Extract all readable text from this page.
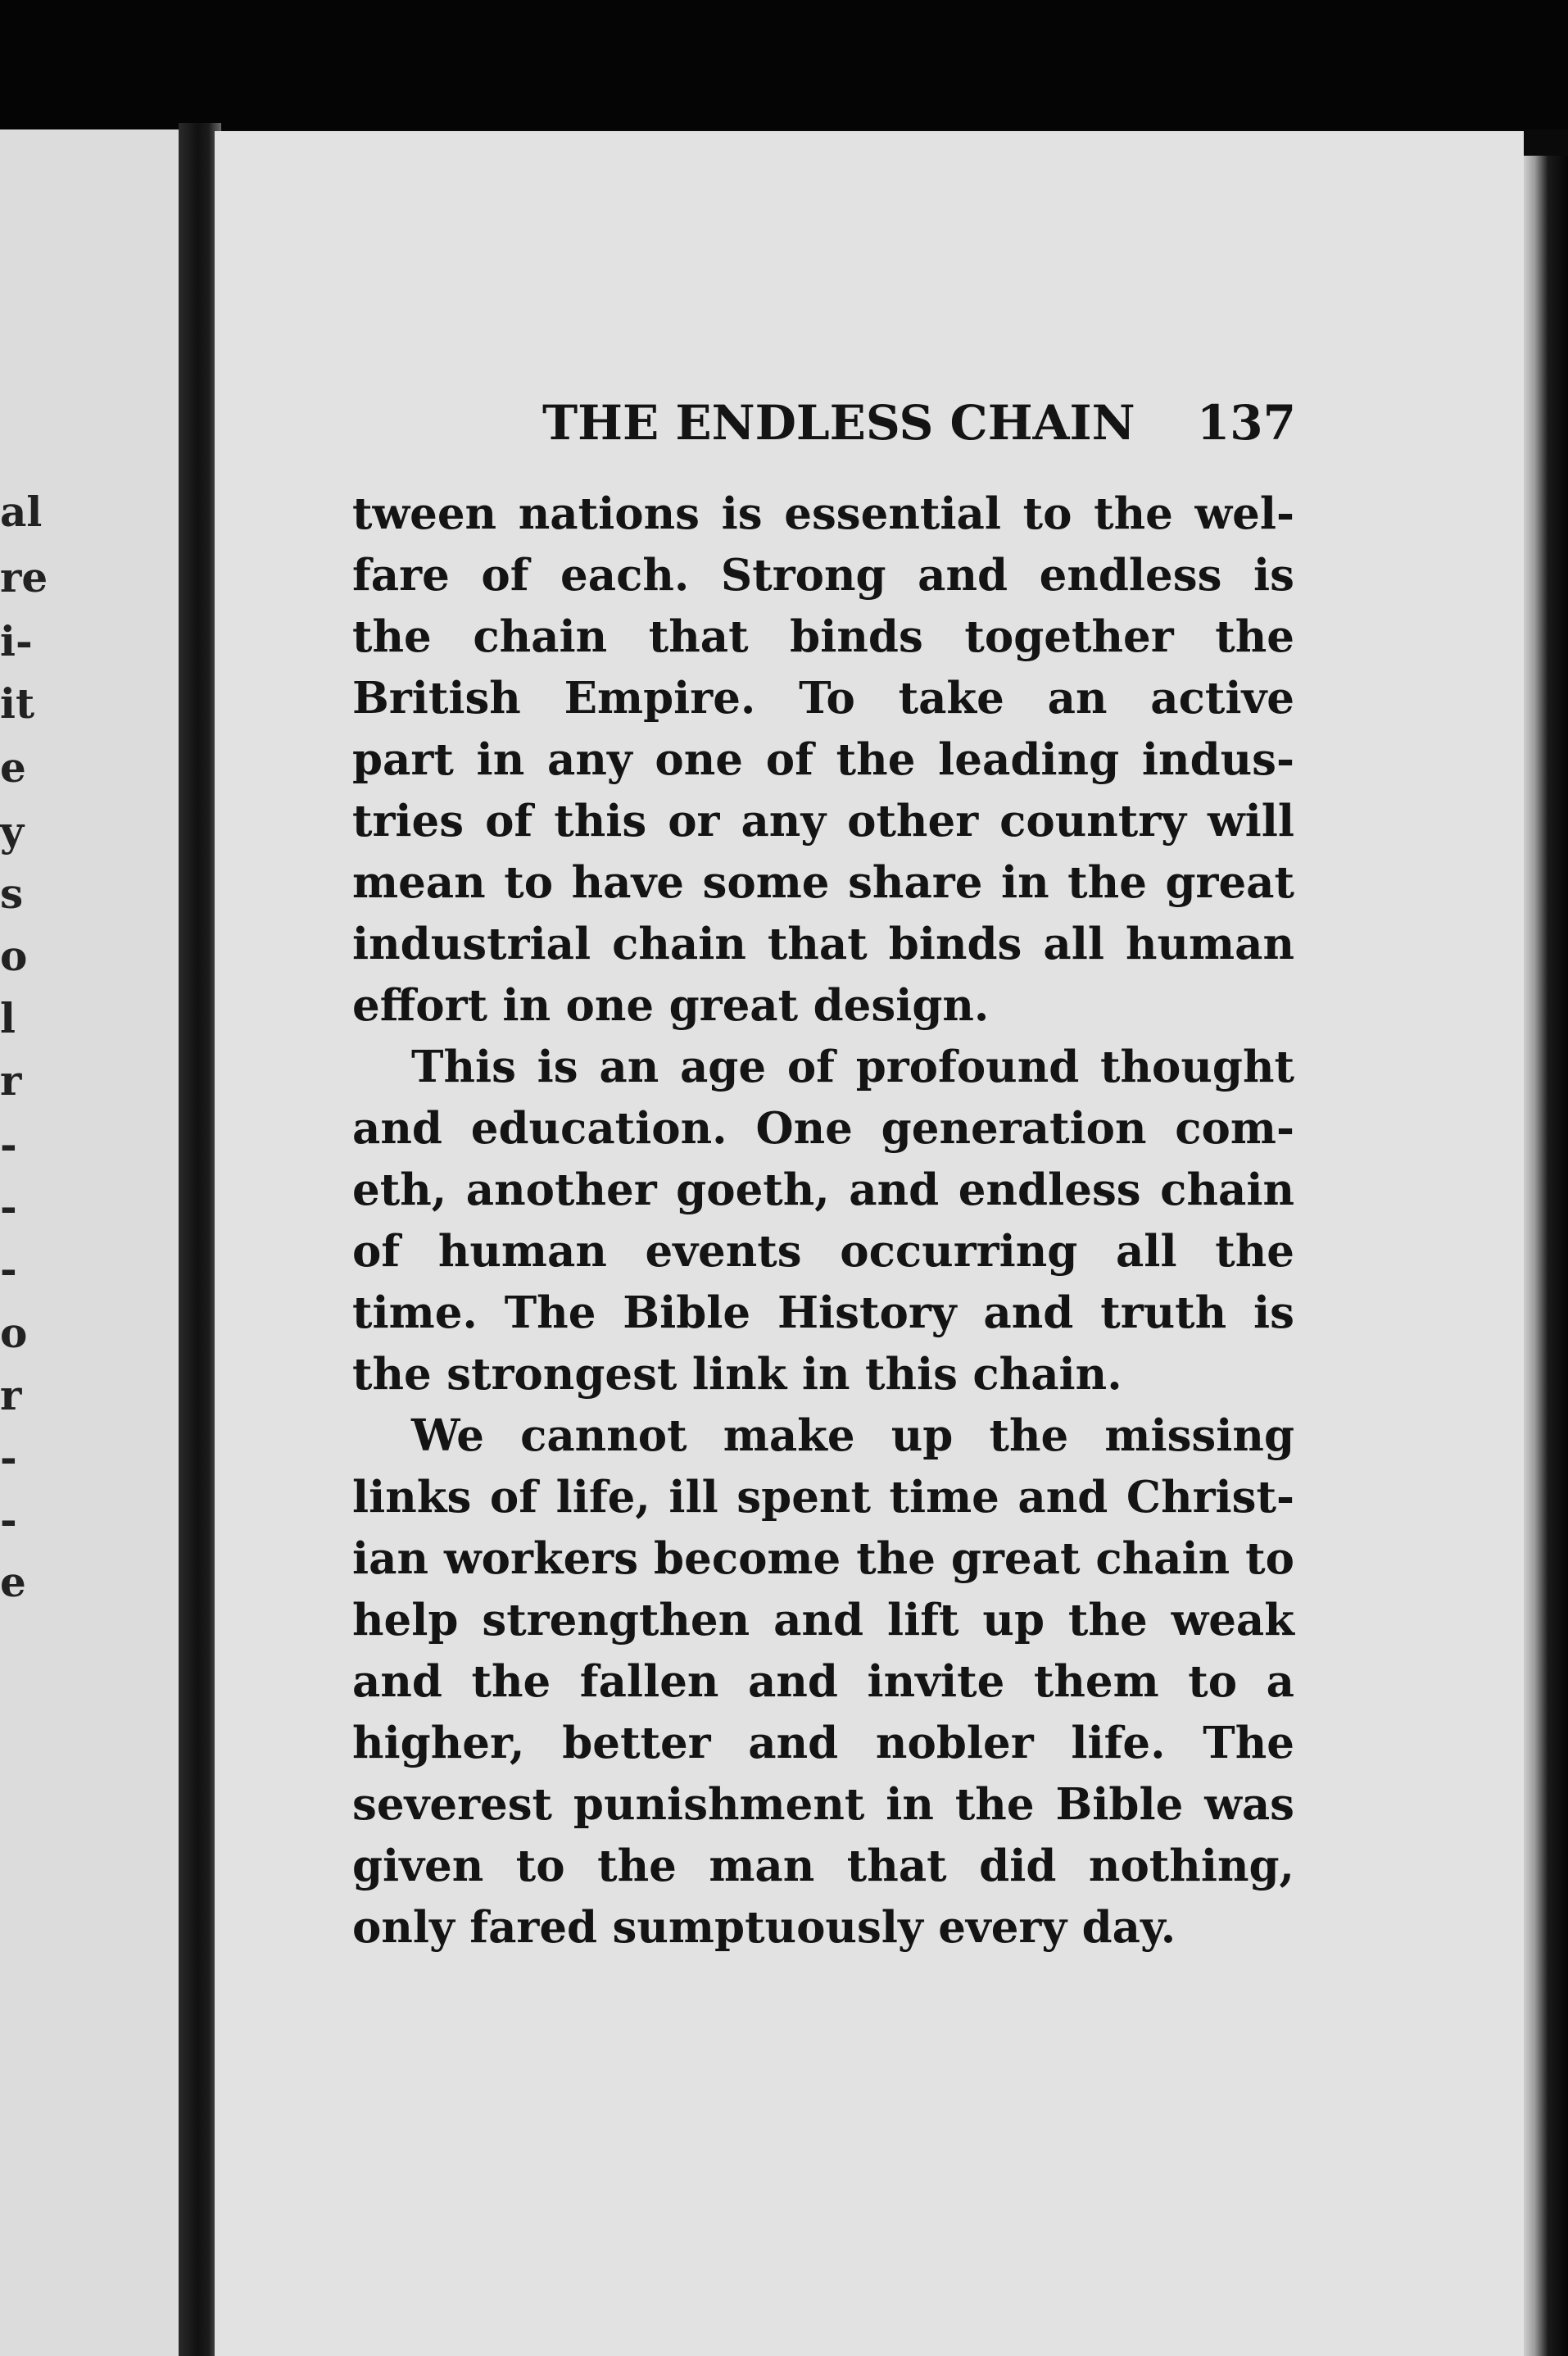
al
re
i-
it
e
y
s
o
l
r
-
-
-
o
r
-
-
e
THE ENDLESS CHAIN 137
tween nations is essential to the wel-
fare of each. Strong and endless is
the chain that binds together the
British Empire. To take an active
part in any one of the leading indus-
tries of this or any other country will
mean to have some share in the great
industrial chain that binds all human
effort in one great design.
This is an age of profound thought
and education. One generation com-
eth, another goeth, and endless chain
of human events occurring all the
time. The Bible History and truth is
the strongest link in this chain.
We cannot make up the missing
links of life, ill spent time and Christ-
ian workers become the great chain to
help strengthen and lift up the weak
and the fallen and invite them to a
higher, better and nobler life. The
severest punishment in the Bible was
given to the man that did nothing,
only fared sumptuously every day.
